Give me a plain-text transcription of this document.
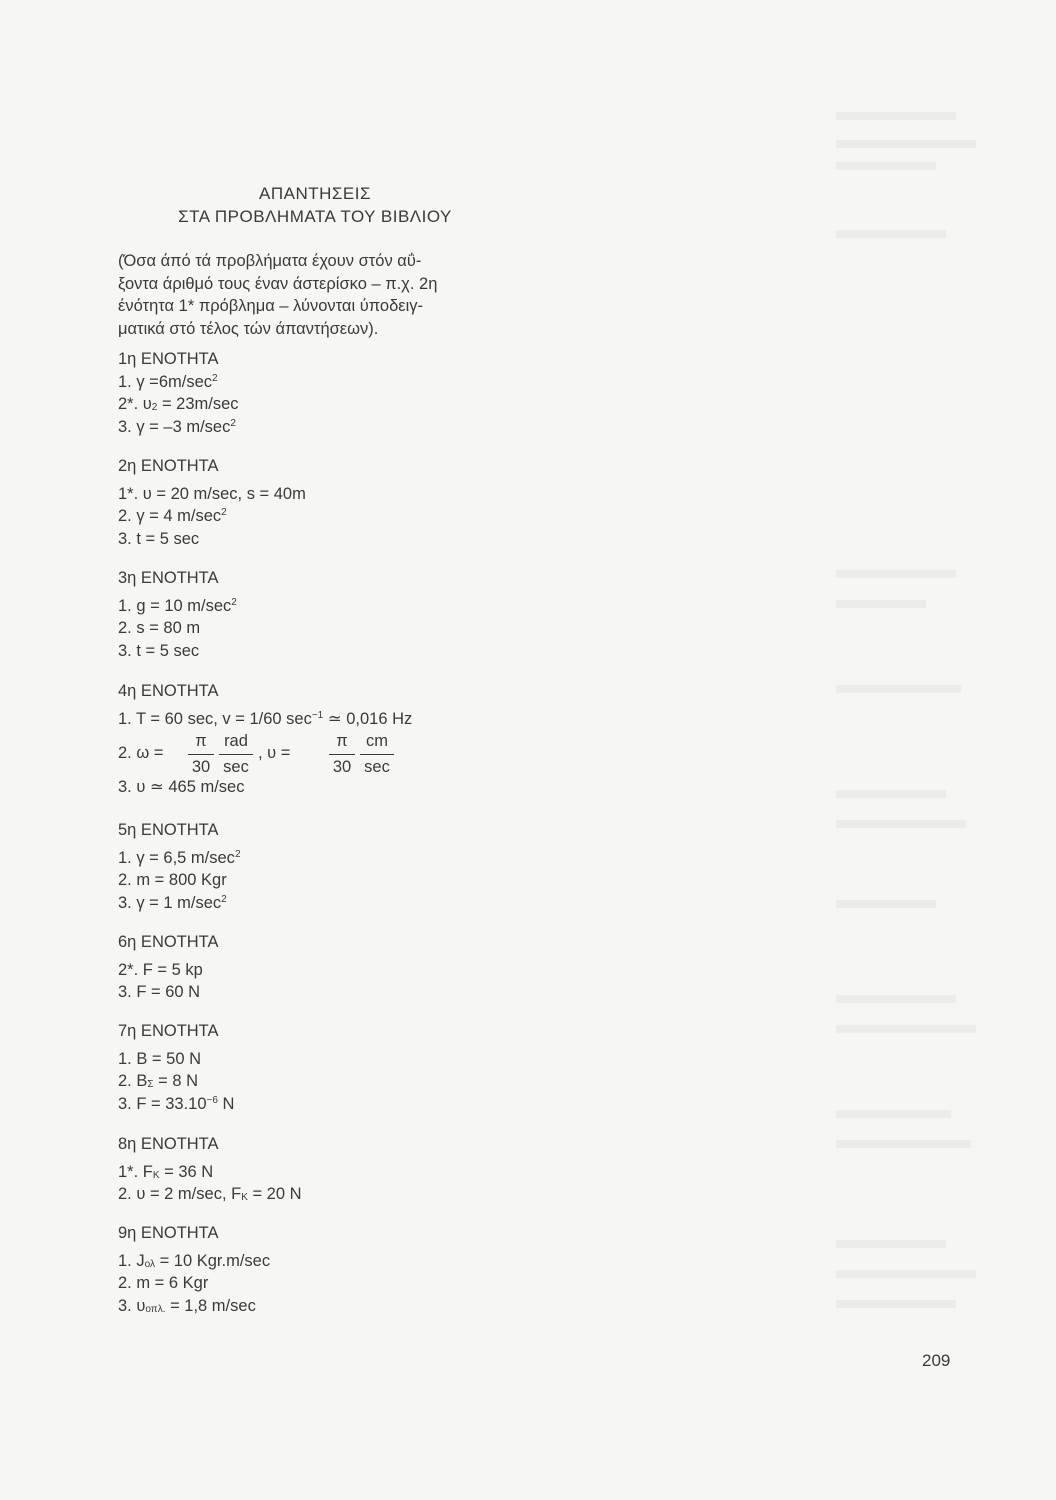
ΑΠΑΝΤΗΣΕΙΣ
ΣΤΑ ΠΡΟΒΛΗΜΑΤΑ ΤΟΥ ΒΙΒΛΙΟΥ
(Όσα άπό τά προβλήματα έχουν στόν αΰ-
ξοντα άριθμό τους έναν άστερίσκο – π.χ. 2η
ένότητα 1* πρόβλημα – λύνονται ύποδειγ-
ματικά στό τέλος τών άπαντήσεων).
1η ΕΝΟΤΗΤΑ
1. $\gamma =6m/\sec^2$
2*. $\upsilon_2 = 23m/\sec$
3. γ = –3 $m/\sec^2$
2η ΕΝΟΤΗΤΑ
1*. υ = 20 m/sec, s = 40m
2. γ = 4 $m/\sec^2$
3. t = 5 sec
3η ΕΝΟΤΗΤΑ
1. g = 10 $m/\sec^2$
2. s = 80 m
3. t = 5 sec
4η ΕΝΟΤΗΤΑ
1. T = 60 sec, v = 1/60 $\sec^{-1}$ ≃ 0,016 Hz
2. ω =
π
30
rad
sec
, υ =
π
30
cm
sec
3. υ ≃ 465 m/sec
5η ΕΝΟΤΗΤΑ
1. γ = 6,5 $m/\sec^2$
2. m = 800 Kgr
3. γ = 1 $m/\sec^2$
6η ΕΝΟΤΗΤΑ
2*. F = 5 kp
3. F = 60 N
7η ΕΝΟΤΗΤΑ
1. B = 50 N
2. $B_\Sigma = 8$ N
3. $F = 33.10^{-6}$ N
8η ΕΝΟΤΗΤΑ
1*. $F_K = 36$ N
2. υ = 2 m/sec, $F_K = 20$ N
9η ΕΝΟΤΗΤΑ
1. $J_{o\lambda} = 10$ Kgr.m/sec
2. m = 6 Kgr
3. $\upsilon_{o\pi\lambda.} = 1,8$ m/sec
209
